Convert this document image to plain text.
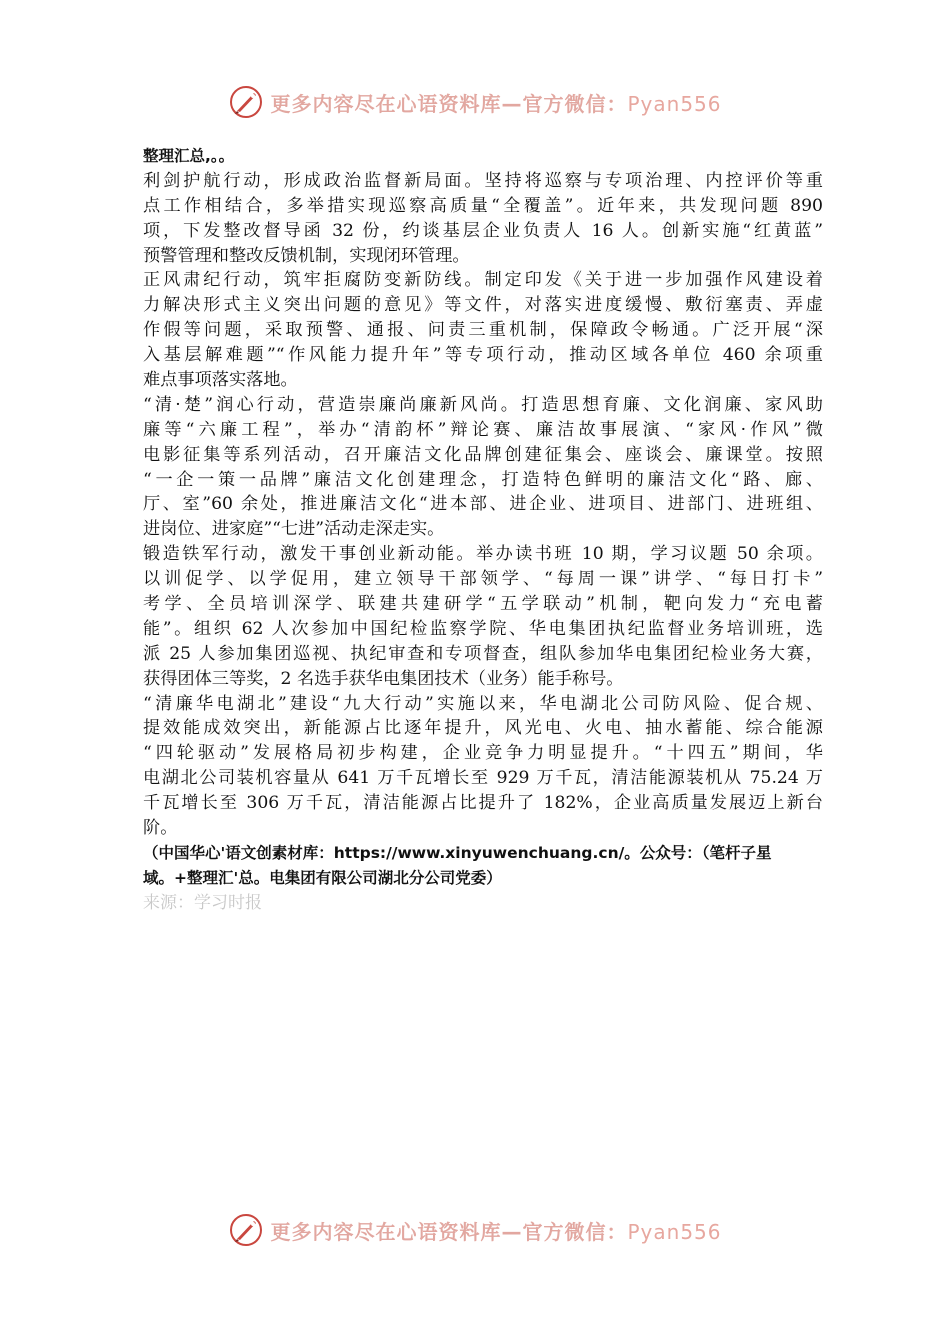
更多内容尽在心语资料库—官方微信：Pyan556
整理汇总,。。
利剑护航行动，形成政治监督新局面。坚持将巡察与专项治理、内控评价等重
点工作相结合，多举措实现巡察高质量“全覆盖”。近年来，共发现问题 890
项，下发整改督导函 32 份，约谈基层企业负责人 16 人。创新实施“红黄蓝”
预警管理和整改反馈机制，实现闭环管理。
正风肃纪行动，筑牢拒腐防变新防线。制定印发《关于进一步加强作风建设着
力解决形式主义突出问题的意见》等文件，对落实进度缓慢、敷衍塞责、弄虚
作假等问题，采取预警、通报、问责三重机制，保障政令畅通。广泛开展“深
入基层解难题”“作风能力提升年”等专项行动，推动区域各单位 460 余项重
难点事项落实落地。
“清·楚”润心行动，营造崇廉尚廉新风尚。打造思想育廉、文化润廉、家风助
廉等“六廉工程”，举办“清韵杯”辩论赛、廉洁故事展演、“家风·作风”微
电影征集等系列活动，召开廉洁文化品牌创建征集会、座谈会、廉课堂。按照
“一企一策一品牌”廉洁文化创建理念，打造特色鲜明的廉洁文化“路、廊、
厅、室”60 余处，推进廉洁文化“进本部、进企业、进项目、进部门、进班组、
进岗位、进家庭”“七进”活动走深走实。
锻造铁军行动，激发干事创业新动能。举办读书班 10 期，学习议题 50 余项。
以训促学、以学促用，建立领导干部领学、“每周一课”讲学、“每日打卡”
考学、全员培训深学、联建共建研学“五学联动”机制，靶向发力“充电蓄
能”。组织 62 人次参加中国纪检监察学院、华电集团执纪监督业务培训班，选
派 25 人参加集团巡视、执纪审查和专项督查，组队参加华电集团纪检业务大赛，
获得团体三等奖，2 名选手获华电集团技术（业务）能手称号。
“清廉华电湖北”建设“九大行动”实施以来，华电湖北公司防风险、促合规、
提效能成效突出，新能源占比逐年提升，风光电、火电、抽水蓄能、综合能源
“四轮驱动”发展格局初步构建，企业竞争力明显提升。“十四五”期间，华
电湖北公司装机容量从 641 万千瓦增长至 929 万千瓦，清洁能源装机从 75.24 万
千瓦增长至 306 万千瓦，清洁能源占比提升了 182%，企业高质量发展迈上新台
阶。
（中国华心'语文创素材库：https://www.xinyuwenchuang.cn/。公众号：（笔杆子星
域。+整理汇'总。电集团有限公司湖北分公司党委）
来源：学习时报
更多内容尽在心语资料库—官方微信：Pyan556
